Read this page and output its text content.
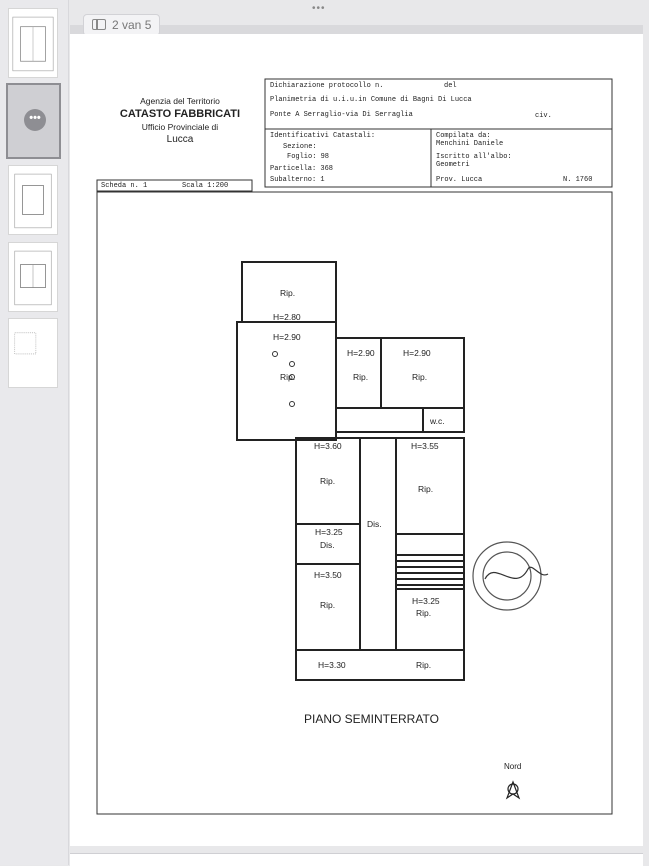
•••
•••
2 van 5
Agenzia del Territorio
CATASTO FABBRICATI
Ufficio Provinciale di
Lucca
Dichiarazione protocollo n.	del
Planimetria di u.i.u.in Comune di Bagni Di Lucca
Ponte A Serraglio-via Di Serraglia	civ.
Identificativi Catastali:
Sezione:
Foglio: 98
Particella: 368
Subalterno: 1
Compilata da:
Menchini Daniele
Iscritto all'albo:
Geometri
Prov. Lucca	N. 1760
Scheda n. 1	Scala 1:200
Rip.
H=2.80
H=2.90
Rip.
H=2.90
Rip.
H=2.90
Rip.
w.c.
H=3.60
Rip.
H=3.55
Rip.
Dis.
H=3.25
Dis.
H=3.50
Rip.	H=3.25
Rip.
H=3.30	Rip.
PIANO SEMINTERRATO
Nord
